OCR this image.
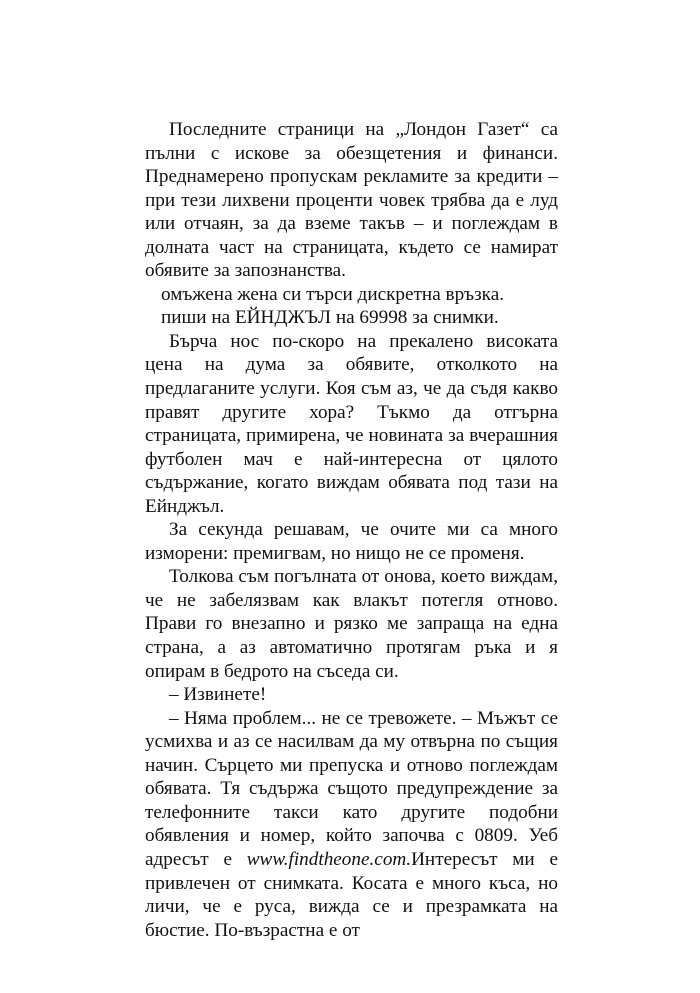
Последните страници на „Лондон Газет“ са пълни с искове за обезщетения и финанси. Преднамерено пропускам рекламите за кредити – при тези лихвени проценти човек трябва да е луд или отчаян, за да вземе такъв – и поглеждам в долната част на страницата, където се намират обявите за запознанства.

омъжена жена си търси дискретна връзка.

пиши на ЕЙНДЖЪЛ на 69998 за снимки.

Бърча нос по-скоро на прекалено високата цена на дума за обявите, отколкото на предлаганите услуги. Коя съм аз, че да съдя какво правят другите хора? Тъкмо да отгърна страницата, примирена, че новината за вчерашния футболен мач е най-интересна от цялото съдържание, когато виждам обявата под тази на Ейнджъл.

За секунда решавам, че очите ми са много изморени: премигвам, но нищо не се променя.

Толкова съм погълната от онова, което виждам, че не забелязвам как влакът потегля отново. Прави го внезапно и рязко ме запраща на една страна, а аз автоматично протягам ръка и я опирам в бедрото на съседа си.

– Извинете!

– Няма проблем... не се тревожете. – Мъжът се усмихва и аз се насилвам да му отвърна по същия начин. Сърцето ми препуска и отново поглеждам обявата. Тя съдържа същото предупреждение за телефонните такси като другите подобни обявления и номер, който започва с 0809. Уеб адресът е www.findtheone.com.Интересът ми е привлечен от снимката. Косата е много къса, но личи, че е руса, вижда се и презрамката на бюстие. По-възрастна е от
